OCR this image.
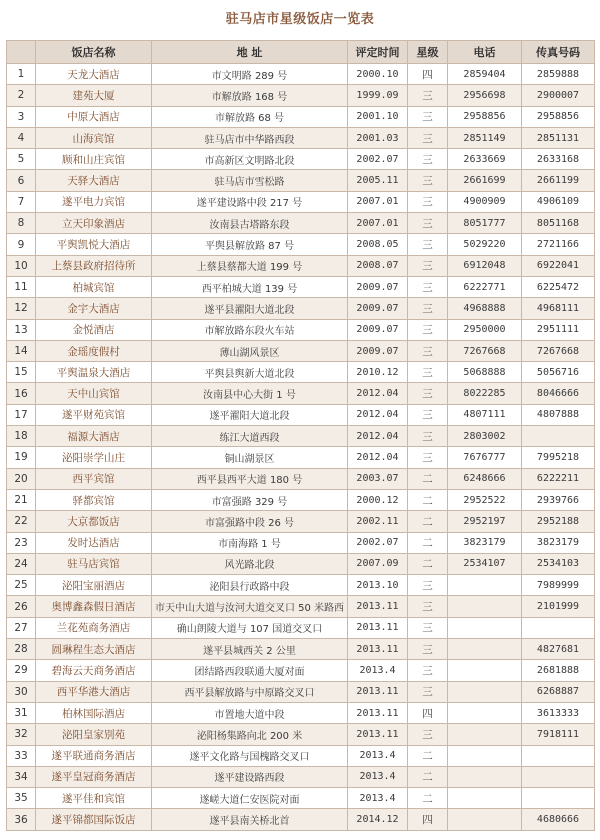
驻马店市星级饭店一览表
	饭店名称	地 址	评定时间	星级	电话	传真号码
1	天龙大酒店	市文明路 289 号	2000.10	四	2859404	2859888
2	建苑大厦	市解放路 168 号	1999.09	三	2956698	2900007
3	中原大酒店	市解放路 68 号	2001.10	三	2958856	2958856
4	山海宾馆	驻马店市中华路西段	2001.03	三	2851149	2851131
5	顾和山庄宾馆	市高新区文明路北段	2002.07	三	2633669	2633168
6	天驿大酒店	驻马店市雪松路	2005.11	三	2661699	2661199
7	遂平电力宾馆	遂平建设路中段 217 号	2007.01	三	4900909	4906109
8	立天印象酒店	汝南县古塔路东段	2007.01	三	8051777	8051168
9	平舆凯悦大酒店	平舆县解放路 87 号	2008.05	三	5029220	2721166
10	上蔡县政府招待所	上蔡县蔡都大道 199 号	2008.07	三	6912048	6922041
11	柏城宾馆	西平柏城大道 139 号	2009.07	三	6222771	6225472
12	金宇大酒店	遂平县濯阳大道北段	2009.07	三	4968888	4968111
13	金悦酒店	市解放路东段火车站	2009.07	三	2950000	2951111
14	金瑶度假村	薄山湖风景区	2009.07	三	7267668	7267668
15	平舆温泉大酒店	平舆县舆新大道北段	2010.12	三	5068888	5056716
16	天中山宾馆	汝南县中心大街 1 号	2012.04	三	8022285	8046666
17	遂平财苑宾馆	遂平濯阳大道北段	2012.04	三	4807111	4807888
18	福源大酒店	练江大道西段	2012.04	三	2803002	
19	泌阳崇学山庄	铜山湖景区	2012.04	三	7676777	7995218
20	西平宾馆	西平县西平大道 180 号	2003.07	二	6248666	6222211
21	驿都宾馆	市富强路 329 号	2000.12	二	2952522	2939766
22	大京都饭店	市富强路中段 26 号	2002.11	二	2952197	2952188
23	发时达酒店	市南海路 1 号	2002.07	二	3823179	3823179
24	驻马店宾馆	风光路北段	2007.09	二	2534107	2534103
25	泌阳宝丽酒店	泌阳县行政路中段	2013.10	三		7989999
26	奥博鑫森假日酒店	市天中山大道与汝河大道交叉口 50 米路西	2013.11	三		2101999
27	兰花苑商务酒店	确山朗陵大道与 107 国道交叉口	2013.11	三		
28	圆琳程生态大酒店	遂平县城西关 2 公里	2013.11	三		4827681
29	碧海云天商务酒店	团结路西段联通大厦对面	2013.4	三		2681888
30	西平华港大酒店	西平县解放路与中原路交叉口	2013.11	三		6268887
31	柏林国际酒店	市置地大道中段	2013.11	四		3613333
32	泌阳皇家别苑	泌阳杨集路向北 200 米	2013.11	三		7918111
33	遂平联通商务酒店	遂平文化路与国槐路交叉口	2013.4	二		
34	遂平皇冠商务酒店	遂平建设路西段	2013.4	二		
35	遂平佳和宾馆	遂嵯大道仁安医院对面	2013.4	二		
36	遂平锦都国际饭店	遂平县南关桥北首	2014.12	四		4680666
